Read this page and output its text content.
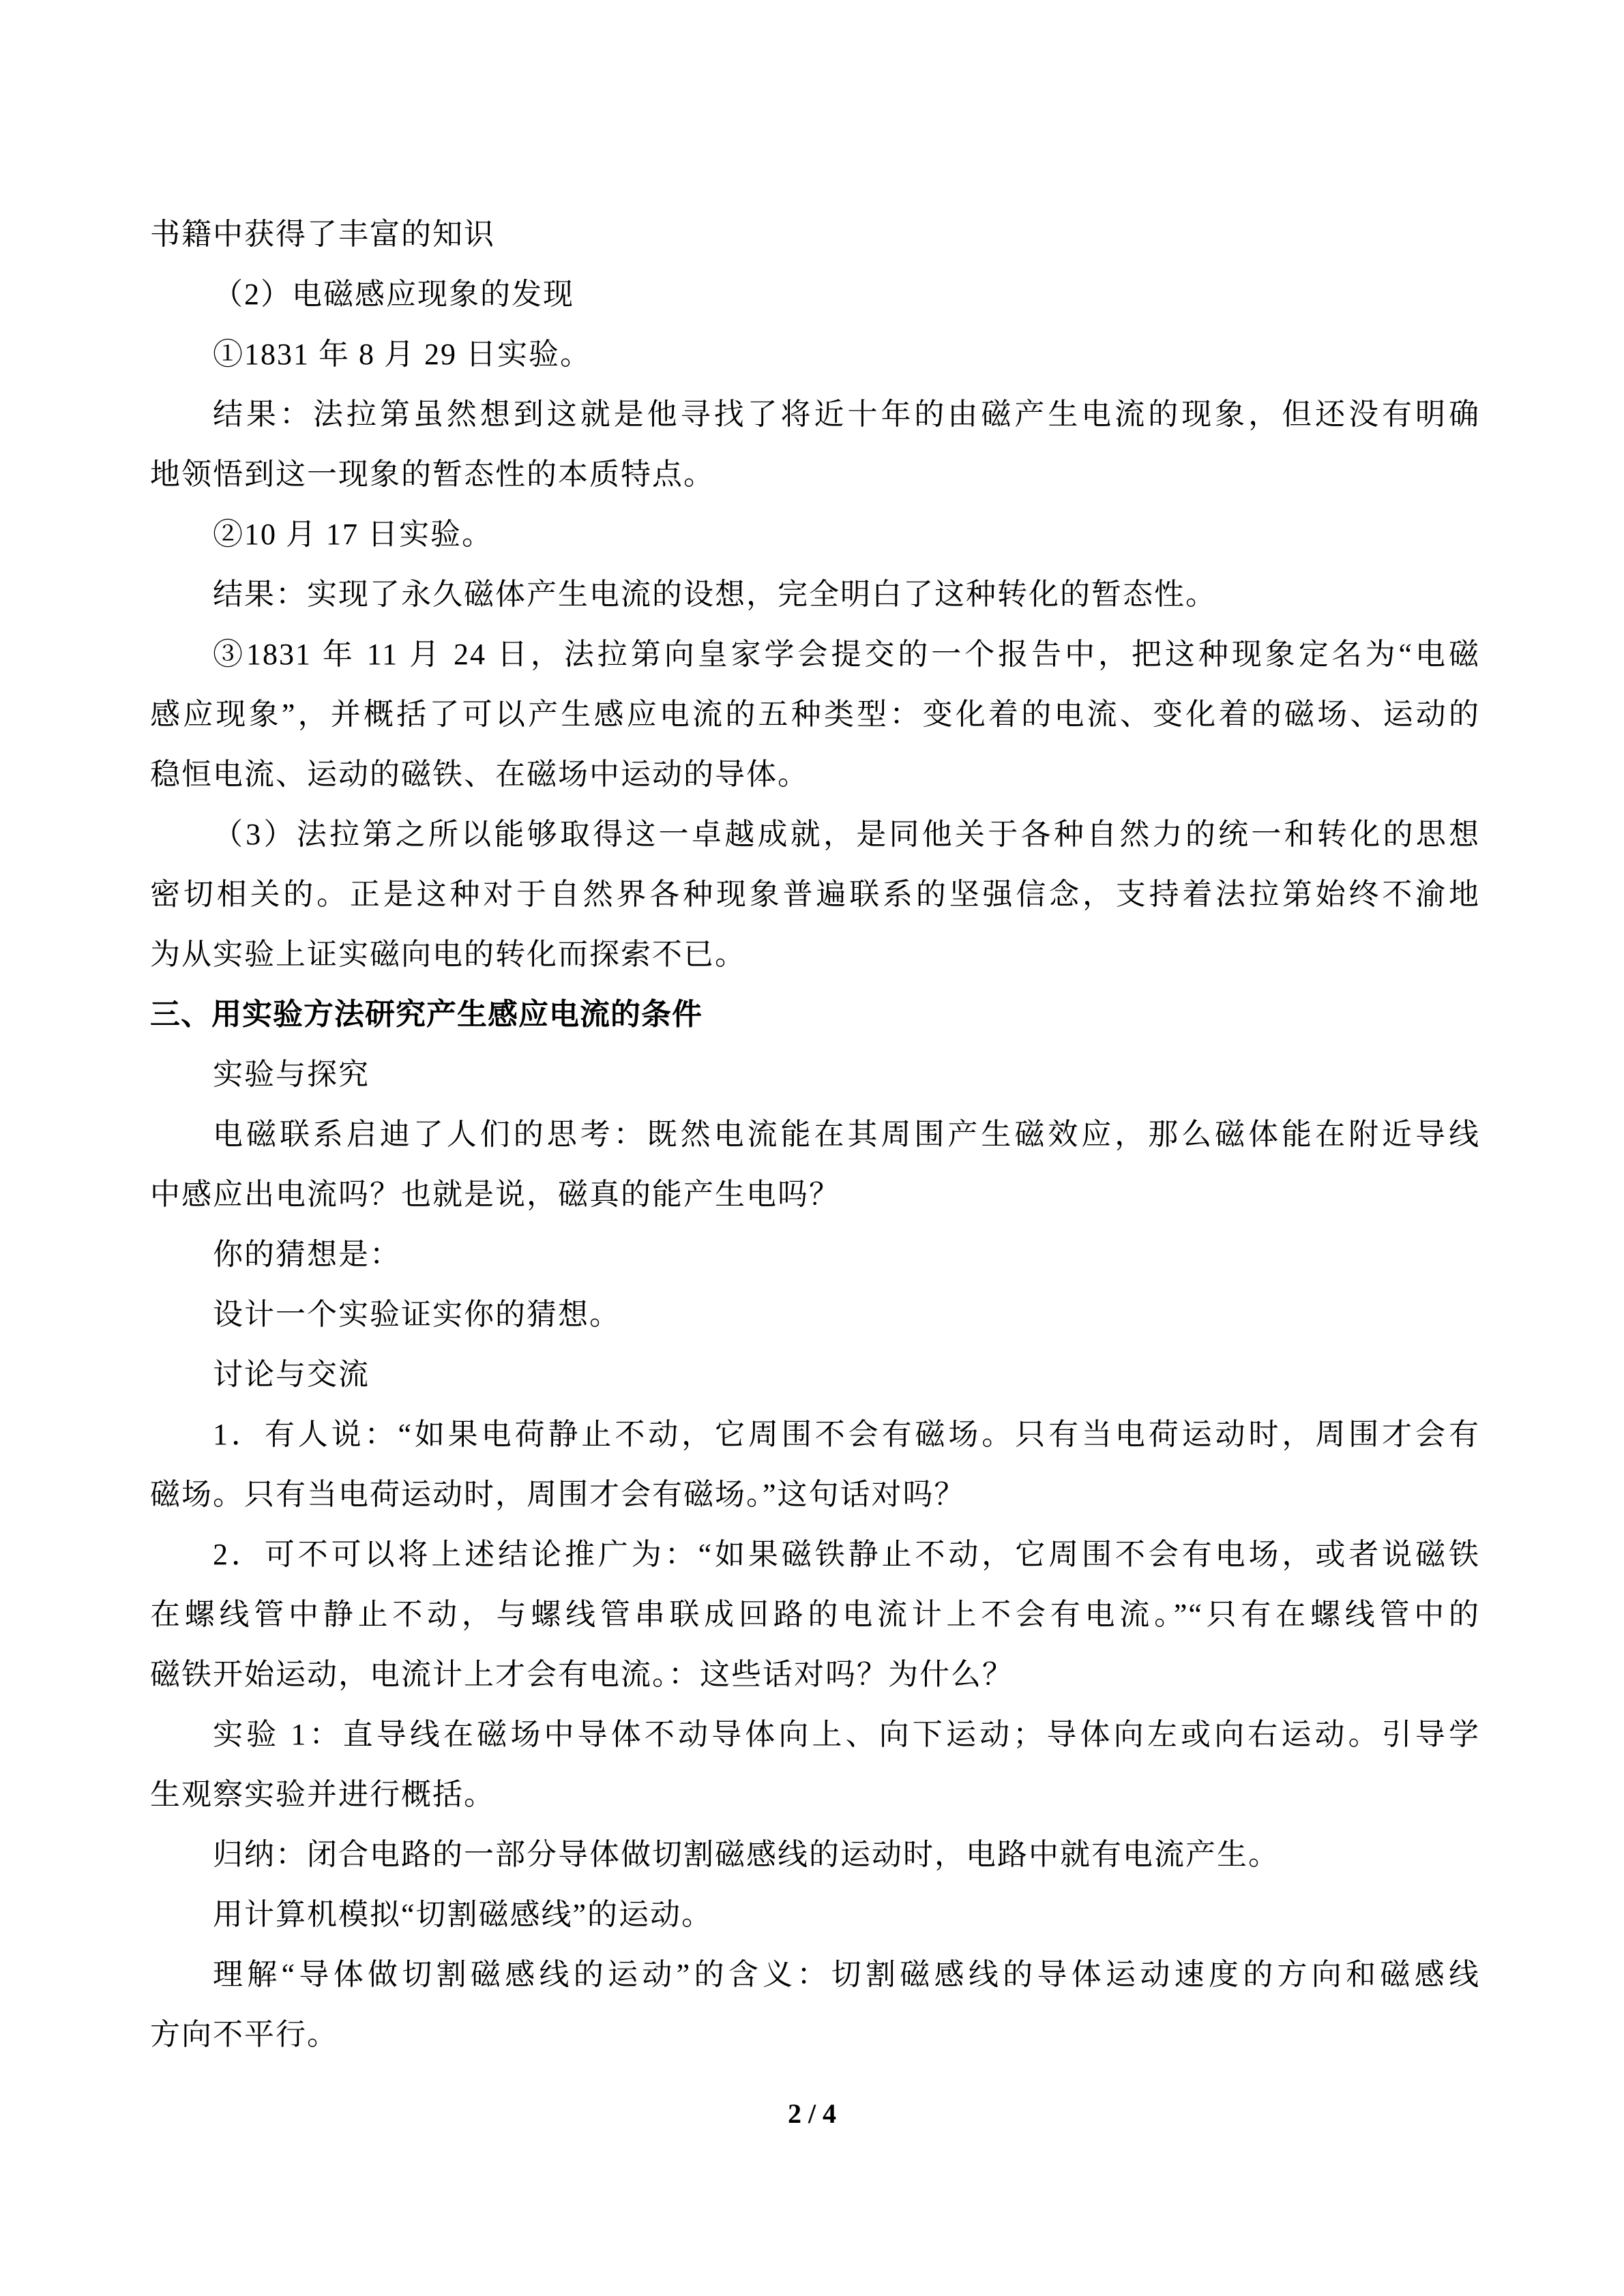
书籍中获得了丰富的知识
（2）电磁感应现象的发现
①1831 年 8 月 29 日实验。
结果：法拉第虽然想到这就是他寻找了将近十年的由磁产生电流的现象，但还没有明确
地领悟到这一现象的暂态性的本质特点。
②10 月 17 日实验。
结果：实现了永久磁体产生电流的设想，完全明白了这种转化的暂态性。
③1831 年 11 月 24 日，法拉第向皇家学会提交的一个报告中，把这种现象定名为“电磁
感应现象”，并概括了可以产生感应电流的五种类型：变化着的电流、变化着的磁场、运动的
稳恒电流、运动的磁铁、在磁场中运动的导体。
（3）法拉第之所以能够取得这一卓越成就，是同他关于各种自然力的统一和转化的思想
密切相关的。正是这种对于自然界各种现象普遍联系的坚强信念，支持着法拉第始终不渝地
为从实验上证实磁向电的转化而探索不已。
三、用实验方法研究产生感应电流的条件
实验与探究
电磁联系启迪了人们的思考：既然电流能在其周围产生磁效应，那么磁体能在附近导线
中感应出电流吗？也就是说，磁真的能产生电吗？
你的猜想是：
设计一个实验证实你的猜想。
讨论与交流
1．有人说：“如果电荷静止不动，它周围不会有磁场。只有当电荷运动时，周围才会有
磁场。只有当电荷运动时，周围才会有磁场。”这句话对吗？
2．可不可以将上述结论推广为：“如果磁铁静止不动，它周围不会有电场，或者说磁铁
在螺线管中静止不动，与螺线管串联成回路的电流计上不会有电流。”“只有在螺线管中的
磁铁开始运动，电流计上才会有电流。：这些话对吗？为什么？
实验 1：直导线在磁场中导体不动导体向上、向下运动；导体向左或向右运动。引导学
生观察实验并进行概括。
归纳：闭合电路的一部分导体做切割磁感线的运动时，电路中就有电流产生。
用计算机模拟“切割磁感线”的运动。
理解“导体做切割磁感线的运动”的含义：切割磁感线的导体运动速度的方向和磁感线
方向不平行。
2 / 4
